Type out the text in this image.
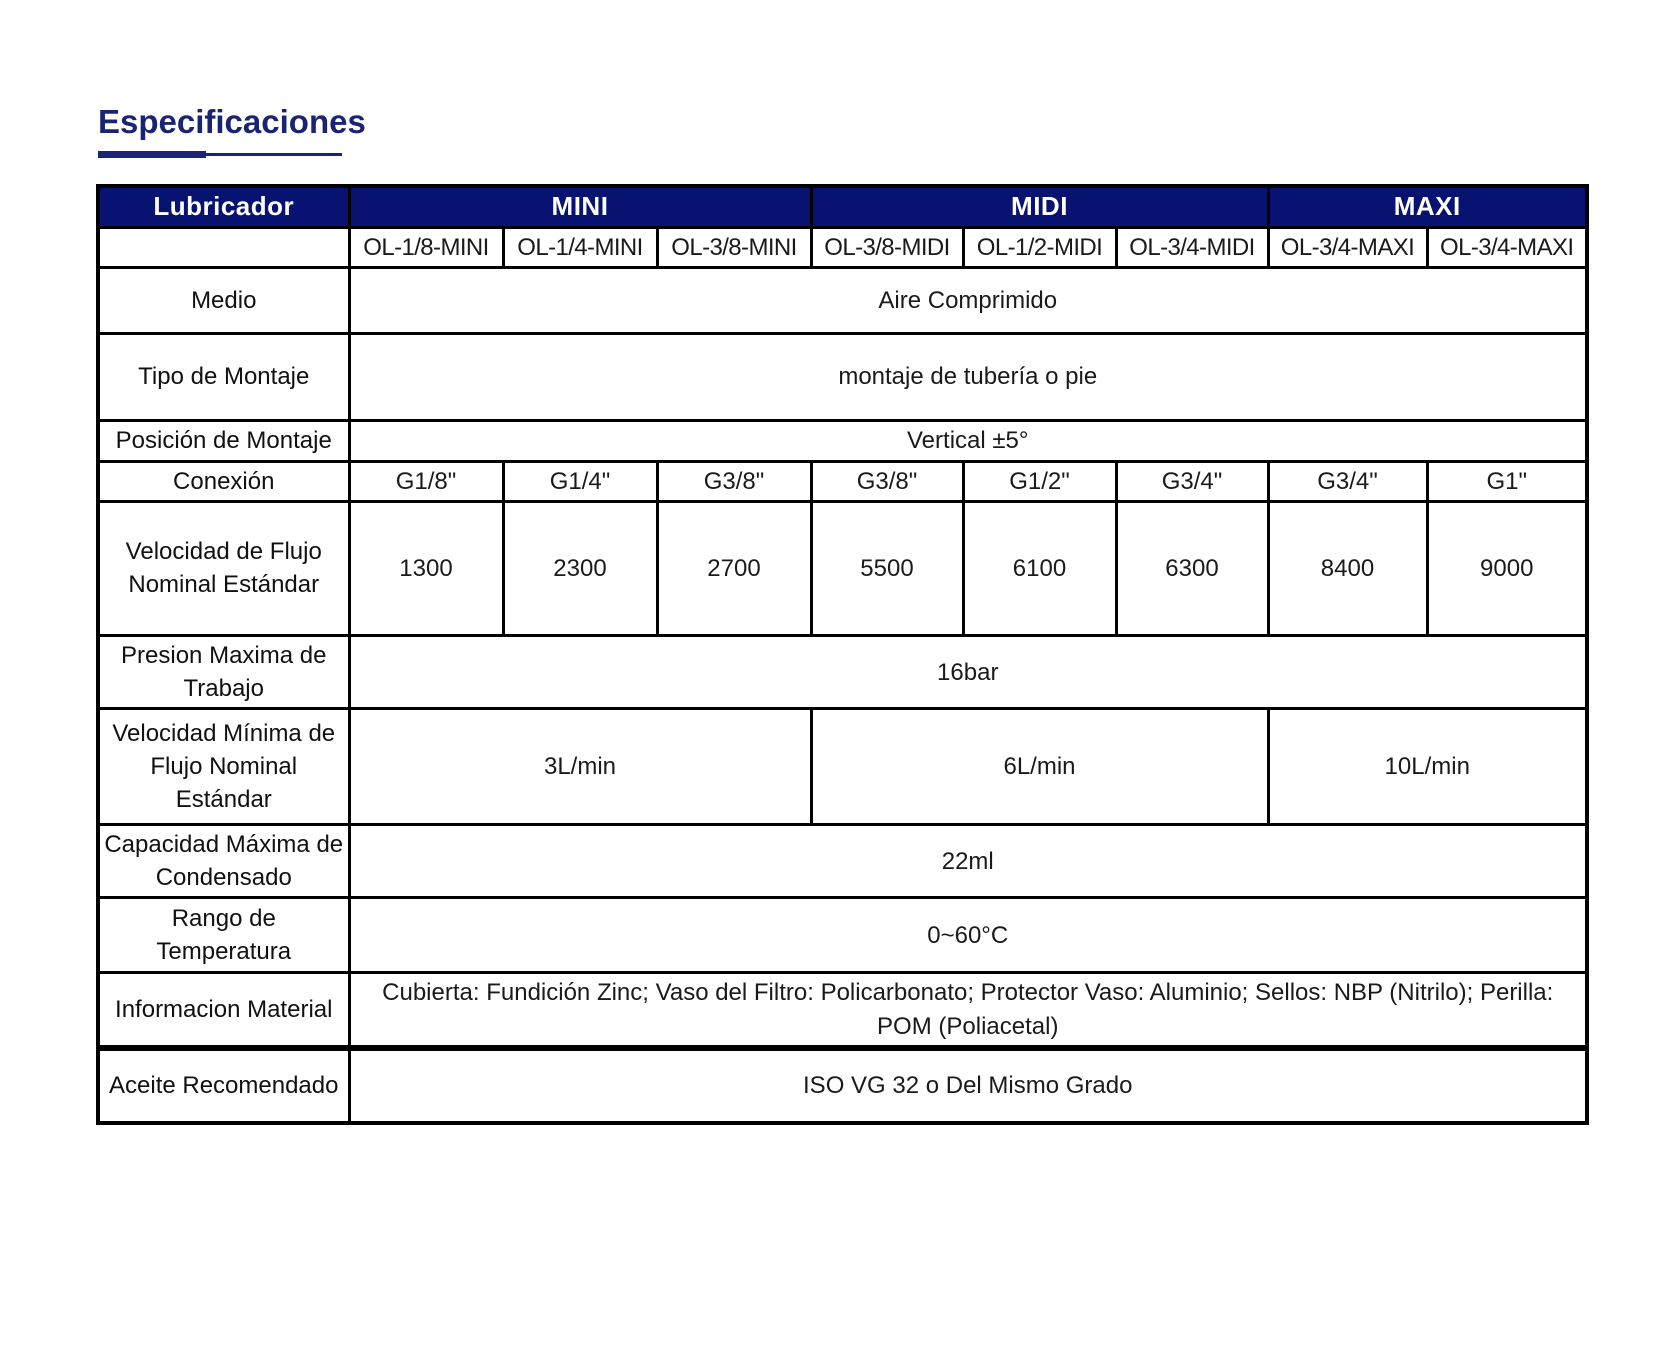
Especificaciones
Lubricador	MINI			MIDI			MAXI	
	OL-1/8-MINI	OL-1/4-MINI	OL-3/8-MINI	OL-3/8-MIDI	OL-1/2-MIDI	OL-3/4-MIDI	OL-3/4-MAXI	OL-3/4-MAXI
Medio	Aire Comprimido							
Tipo de Montaje	montaje de tubería o pie							
Posición de Montaje	Vertical ±5°							
Conexión	G1/8"	G1/4"	G3/8"	G3/8"	G1/2"	G3/4"	G3/4"	G1"
Velocidad de Flujo Nominal Estándar	1300	2300	2700	5500	6100	6300	8400	9000
Presion Maxima de Trabajo	16bar							
Velocidad Mínima de Flujo Nominal Estándar	3L/min			6L/min			10L/min	
Capacidad Máxima de Condensado	22ml							
Rango de Temperatura	0~60°C							
Informacion Material	Cubierta: Fundición Zinc; Vaso del Filtro: Policarbonato; Protector Vaso: Aluminio; Sellos: NBP (Nitrilo); Perilla: POM (Poliacetal)							
Aceite Recomendado	ISO VG 32 o Del Mismo Grado							
